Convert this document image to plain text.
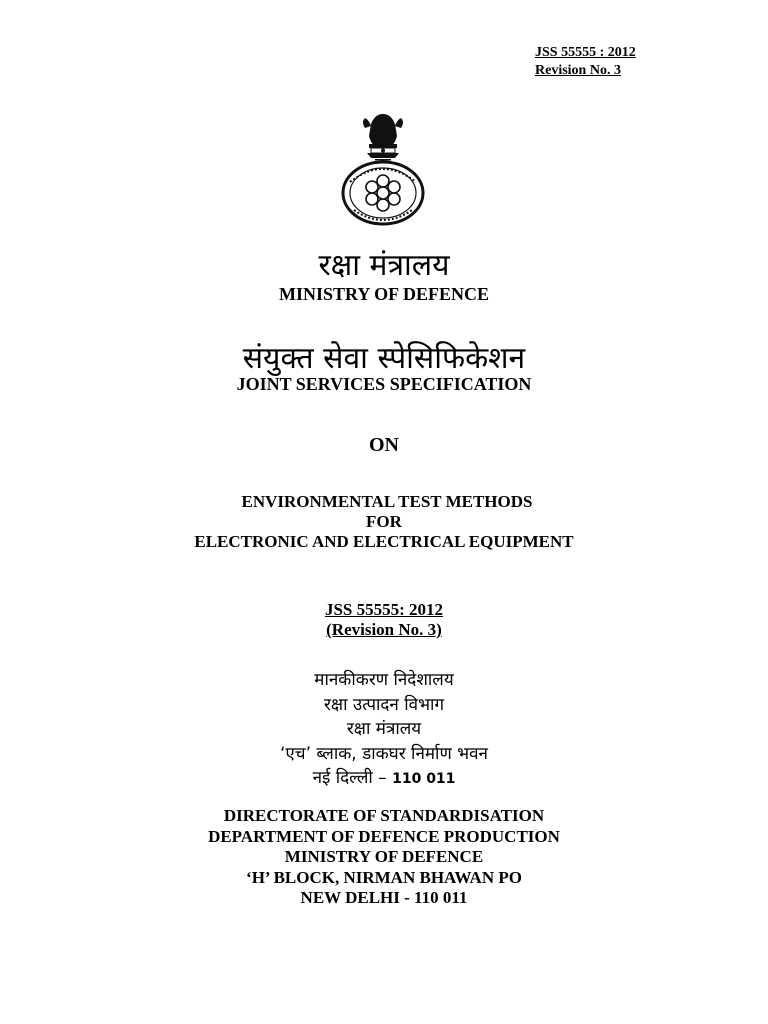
JSS 55555 : 2012
Revision No. 3
रक्षा मंत्रालय
MINISTRY OF DEFENCE
संयुक्त सेवा स्पेसिफिकेशन
JOINT SERVICES SPECIFICATION
ON
ENVIRONMENTAL TEST METHODS
FOR
ELECTRONIC AND ELECTRICAL EQUIPMENT
JSS 55555: 2012
(Revision No. 3)
मानकीकरण निदेशालय
रक्षा उत्पादन विभाग
रक्षा मंत्रालय
‘एच’ ब्लाक, डाकघर निर्माण भवन
नई दिल्ली – 110 011
DIRECTORATE OF STANDARDISATION
DEPARTMENT OF DEFENCE PRODUCTION
MINISTRY OF DEFENCE
‘H’ BLOCK, NIRMAN BHAWAN PO
NEW DELHI - 110 011
